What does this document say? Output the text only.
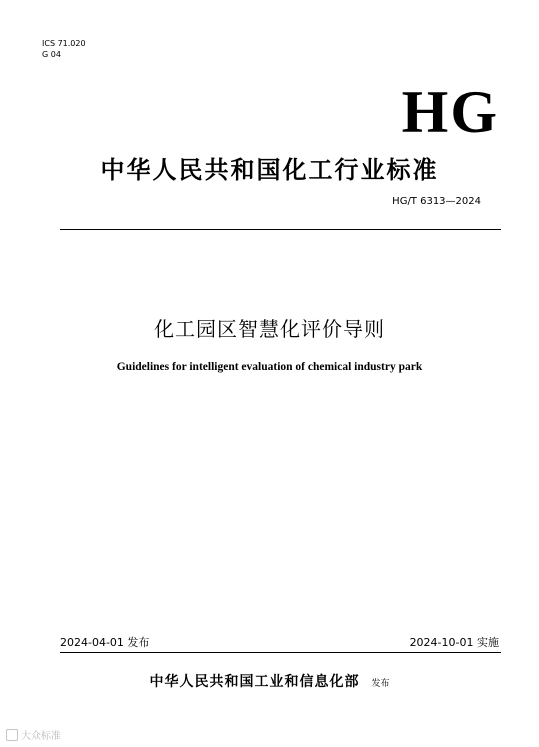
ICS 71.020
G 04
HG
中华人民共和国化工行业标准
HG/T 6313—2024
化工园区智慧化评价导则
Guidelines for intelligent evaluation of chemical industry park
2024-04-01 发布	2024-10-01 实施
中华人民共和国工业和信息化部 发布
大众标准
